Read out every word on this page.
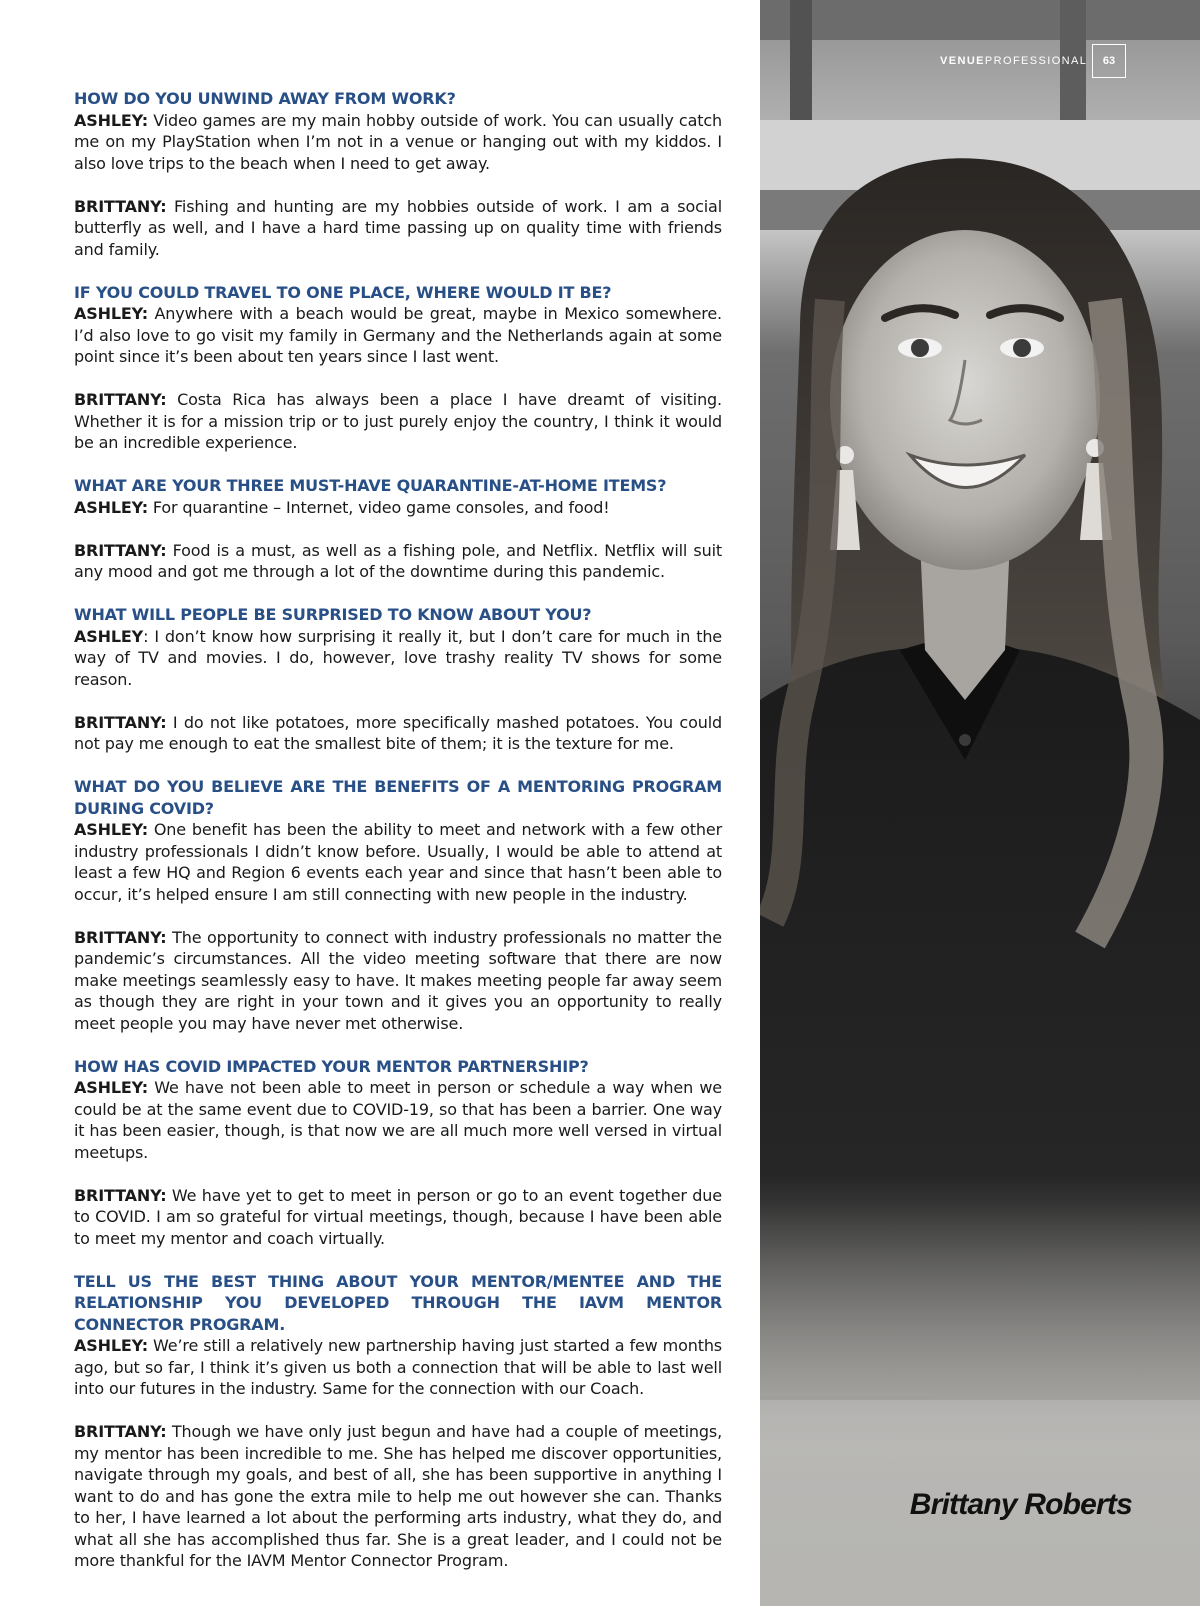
VENUE PROFESSIONAL	63
Brittany Roberts

HOW DO YOU UNWIND AWAY FROM WORK?

ASHLEY: Video games are my main hobby outside of work. You can usually catch me on my PlayStation when I’m not in a venue or hanging out with my kiddos. I also love trips to the beach when I need to get away.

BRITTANY: Fishing and hunting are my hobbies outside of work. I am a social butterfly as well, and I have a hard time passing up on quality time with friends and family.

IF YOU COULD TRAVEL TO ONE PLACE, WHERE WOULD IT BE?

ASHLEY: Anywhere with a beach would be great, maybe in Mexico somewhere. I’d also love to go visit my family in Germany and the Netherlands again at some point since it’s been about ten years since I last went.

BRITTANY: Costa Rica has always been a place I have dreamt of visiting. Whether it is for a mission trip or to just purely enjoy the country, I think it would be an incredible experience.

WHAT ARE YOUR THREE MUST-HAVE QUARANTINE-AT-HOME ITEMS?

ASHLEY: For quarantine – Internet, video game consoles, and food!

BRITTANY: Food is a must, as well as a fishing pole, and Netflix. Netflix will suit any mood and got me through a lot of the downtime during this pandemic.

WHAT WILL PEOPLE BE SURPRISED TO KNOW ABOUT YOU?

ASHLEY: I don’t know how surprising it really it, but I don’t care for much in the way of TV and movies. I do, however, love trashy reality TV shows for some reason.

BRITTANY: I do not like potatoes, more specifically mashed potatoes. You could not pay me enough to eat the smallest bite of them; it is the texture for me.

WHAT DO YOU BELIEVE ARE THE BENEFITS OF A MENTORING PROGRAM DURING COVID?

ASHLEY: One benefit has been the ability to meet and network with a few other industry professionals I didn’t know before. Usually, I would be able to attend at least a few HQ and Region 6 events each year and since that hasn’t been able to occur, it’s helped ensure I am still connecting with new people in the industry.

BRITTANY: The opportunity to connect with industry professionals no matter the pandemic’s circumstances. All the video meeting software that there are now make meetings seamlessly easy to have. It makes meeting people far away seem as though they are right in your town and it gives you an opportunity to really meet people you may have never met otherwise.

HOW HAS COVID IMPACTED YOUR MENTOR PARTNERSHIP?

ASHLEY: We have not been able to meet in person or schedule a way when we could be at the same event due to COVID-19, so that has been a barrier. One way it has been easier, though, is that now we are all much more well versed in virtual meetups.

BRITTANY: We have yet to get to meet in person or go to an event together due to COVID. I am so grateful for virtual meetings, though, because I have been able to meet my mentor and coach virtually.

TELL US THE BEST THING ABOUT YOUR MENTOR/MENTEE AND THE RELATIONSHIP YOU DEVELOPED THROUGH THE IAVM MENTOR CONNECTOR PROGRAM.

ASHLEY: We’re still a relatively new partnership having just started a few months ago, but so far, I think it’s given us both a connection that will be able to last well into our futures in the industry. Same for the connection with our Coach.

BRITTANY: Though we have only just begun and have had a couple of meetings, my mentor has been incredible to me. She has helped me discover opportunities, navigate through my goals, and best of all, she has been supportive in anything I want to do and has gone the extra mile to help me out however she can. Thanks to her, I have learned a lot about the performing arts industry, what they do, and what all she has accomplished thus far. She is a great leader, and I could not be more thankful for the IAVM Mentor Connector Program.
